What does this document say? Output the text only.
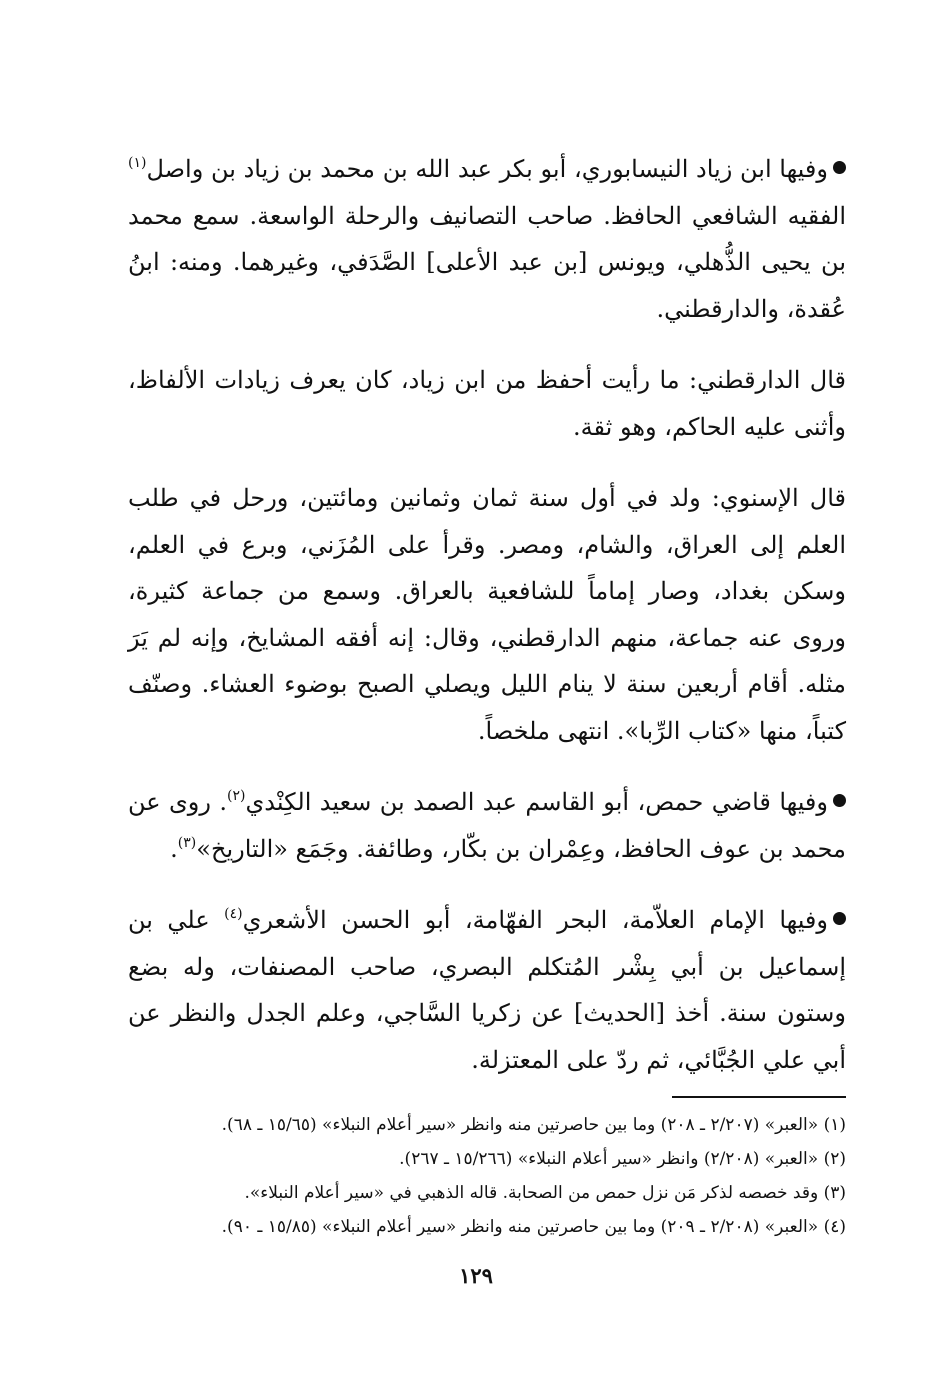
وفيها ابن زياد النيسابوري، أبو بكر عبد الله بن محمد بن زياد بن واصل$^{(١)}$ الفقيه الشافعي الحافظ. صاحب التصانيف والرحلة الواسعة. سمع محمد بن يحيى الذُّهلي، ويونس [بن عبد الأعلى] الصَّدَفي، وغيرهما. ومنه: ابنُ عُقدة، والدارقطني.

قال الدارقطني: ما رأيت أحفظ من ابن زياد، كان يعرف زيادات الألفاظ، وأثنى عليه الحاكم، وهو ثقة.

قال الإسنوي: ولد في أول سنة ثمان وثمانين ومائتين، ورحل في طلب العلم إلى العراق، والشام، ومصر. وقرأ على المُزَني، وبرع في العلم، وسكن بغداد، وصار إماماً للشافعية بالعراق. وسمع من جماعة كثيرة، وروى عنه جماعة، منهم الدارقطني، وقال: إنه أفقه المشايخ، وإنه لم يَرَ مثله. أقام أربعين سنة لا ينام الليل ويصلي الصبح بوضوء العشاء. وصنّف كتباً، منها «كتاب الرِّبا». انتهى ملخصاً.

وفيها قاضي حمص، أبو القاسم عبد الصمد بن سعيد الكِنْدي$^{(٢)}$. روى عن محمد بن عوف الحافظ، وعِمْران بن بكّار، وطائفة. وجَمَع «التاريخ»$^{(٣)}$.

وفيها الإمام العلاّمة، البحر الفهّامة، أبو الحسن الأشعري$^{(٤)}$ علي بن إسماعيل بن أبي بِشْر المُتكلم البصري، صاحب المصنفات، وله بضع وستون سنة. أخذ [الحديث] عن زكريا السَّاجي، وعلم الجدل والنظر عن أبي علي الجُبَّائي، ثم ردّ على المعتزلة.

(١) «العبر» (٢/٢٠٧ ـ ٢٠٨) وما بين حاصرتين منه وانظر «سير أعلام النبلاء» (١٥/٦٥ ـ ٦٨).

(٢) «العبر» (٢/٢٠٨) وانظر «سير أعلام النبلاء» (١٥/٢٦٦ ـ ٢٦٧).

(٣) وقد خصصه لذكر مَن نزل حمص من الصحابة. قاله الذهبي في «سير أعلام النبلاء».

(٤) «العبر» (٢/٢٠٨ ـ ٢٠٩) وما بين حاصرتين منه وانظر «سير أعلام النبلاء» (١٥/٨٥ ـ ٩٠).

١٢٩
